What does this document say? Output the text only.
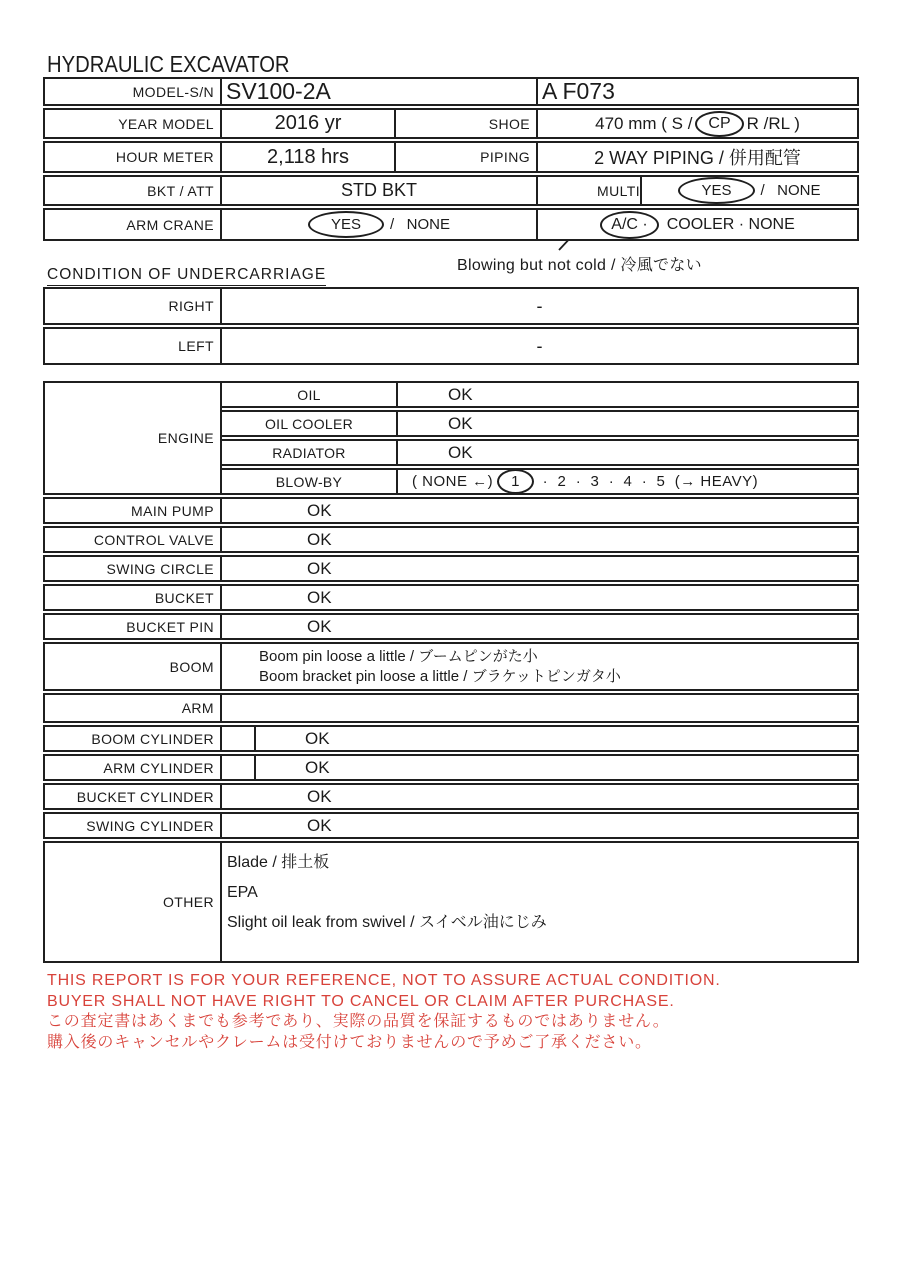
HYDRAULIC EXCAVATOR
MODEL-S/N SV100-2A	A F073
YEAR MODEL	2016 yr	SHOE	470 mm ( S /	CP R /RL )
HOUR METER	2,118 hrs	PIPING	2 WAY PIPING / 併用配管
BKT / ATT	STD BKT	MULTI	YES	/   NONE
ARM CRANE	YES	/   NONE	A/C ·	COOLER · NONE
Blowing but not cold / 冷風でない
CONDITION OF UNDERCARRIAGE
RIGHT	-
LEFT	-
ENGINE
OIL	OK
OIL COOLER	OK
RADIATOR	OK
BLOW-BY	( NONE ←)	1	·  2  ·  3  ·  4  ·  5  (→ HEAVY)
MAIN PUMP	OK
CONTROL VALVE	OK
SWING CIRCLE	OK
BUCKET	OK
BUCKET PIN	OK
BOOM
Boom pin loose a little / ブームピンがた小
Boom bracket pin loose a little / ブラケットピンガタ小
ARM
BOOM CYLINDER	OK
ARM CYLINDER	OK
BUCKET CYLINDER	OK
SWING CYLINDER	OK
OTHER
Blade / 排土板
EPA
Slight oil leak from swivel / スイベル油にじみ
THIS REPORT IS FOR YOUR REFERENCE, NOT TO ASSURE ACTUAL CONDITION.
BUYER SHALL NOT HAVE RIGHT TO CANCEL OR CLAIM AFTER PURCHASE.
この査定書はあくまでも参考であり、実際の品質を保証するものではありません。
購入後のキャンセルやクレームは受付けておりませんので予めご了承ください。
